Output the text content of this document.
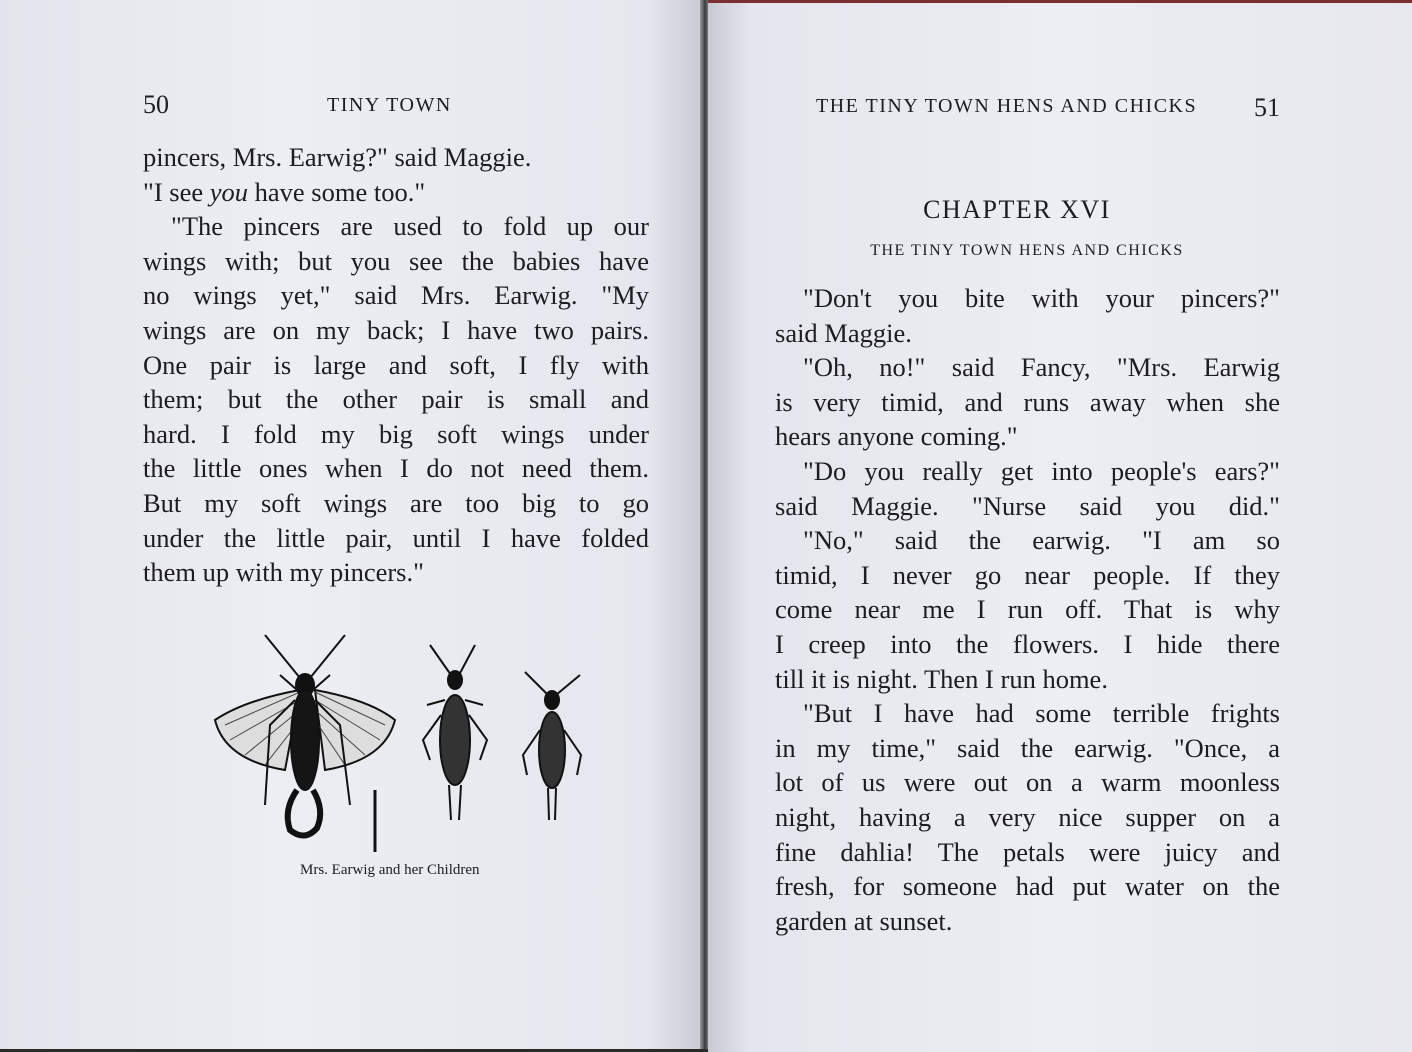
50	TINY TOWN
pincers, Mrs. Earwig?" said Maggie.
"I see you have some too."
"The pincers are used to fold up our
wings with; but you see the babies have
no wings yet," said Mrs. Earwig. "My
wings are on my back; I have two pairs.
One pair is large and soft, I fly with
them; but the other pair is small and
hard. I fold my big soft wings under
the little ones when I do not need them.
But my soft wings are too big to go
under the little pair, until I have folded
them up with my pincers."
Mrs. Earwig and her Children
THE TINY TOWN HENS AND CHICKS 51
"Don't you bite with your pincers?"
said Maggie.
"Oh, no!" said Fancy, "Mrs. Earwig
is very timid, and runs away when she
hears anyone coming."
"Do you really get into people's ears?"
said Maggie. "Nurse said you did."
"No," said the earwig. "I am so
timid, I never go near people. If they
come near me I run off. That is why
I creep into the flowers. I hide there
till it is night. Then I run home.
"But I have had some terrible frights
in my time," said the earwig. "Once, a
lot of us were out on a warm moonless
night, having a very nice supper on a
fine dahlia! The petals were juicy and
fresh, for someone had put water on the
garden at sunset.
CHAPTER XVI
THE TINY TOWN HENS AND CHICKS
